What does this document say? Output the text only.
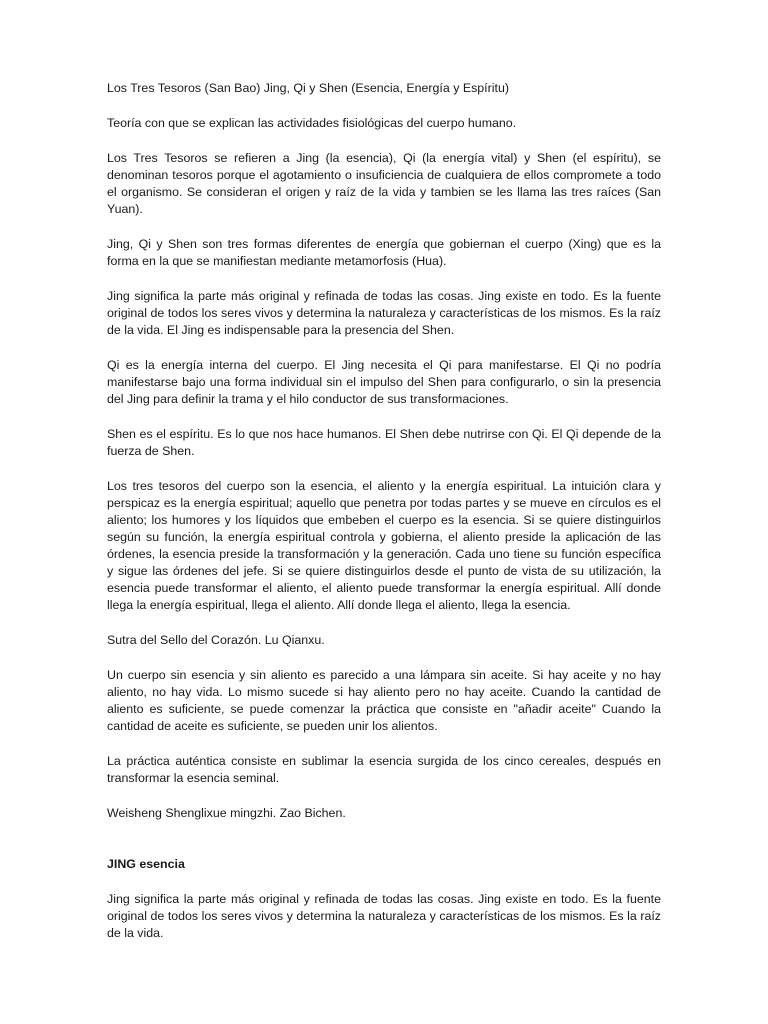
Los Tres Tesoros (San Bao) Jing, Qi y Shen (Esencia, Energía y Espíritu)

Teoría con que se explican las actividades fisiológicas del cuerpo humano.

Los Tres Tesoros se refieren a Jing (la esencia), Qi (la energía vital) y Shen (el espíritu), se denominan tesoros porque el agotamiento o insuficiencia de cualquiera de ellos compromete a todo el organismo. Se consideran el origen y raíz de la vida y tambien se les llama las tres raíces (San Yuan).

Jing, Qi y Shen son tres formas diferentes de energía que gobiernan el cuerpo (Xing) que es la forma en la que se manifiestan mediante metamorfosis (Hua).

Jing significa la parte más original y refinada de todas las cosas. Jing existe en todo. Es la fuente original de todos los seres vivos y determina la naturaleza y características de los mismos. Es la raíz de la vida. El Jing es indispensable para la presencia del Shen.

Qi es la energía interna del cuerpo. El Jing necesita el Qi para manifestarse. El Qi no podría manifestarse bajo una forma individual sin el impulso del Shen para configurarlo, o sin la presencia del Jing para definir la trama y el hilo conductor de sus transformaciones.

Shen es el espíritu. Es lo que nos hace humanos. El Shen debe nutrirse con Qi. El Qi depende de la fuerza de Shen.

Los tres tesoros del cuerpo son la esencia, el aliento y la energía espiritual. La intuición clara y perspicaz es la energía espiritual; aquello que penetra por todas partes y se mueve en círculos es el aliento; los humores y los líquidos que embeben el cuerpo es la esencia. Si se quiere distinguirlos según su función, la energía espiritual controla y gobierna, el aliento preside la aplicación de las órdenes, la esencia preside la transformación y la generación. Cada uno tiene su función específica y sigue las órdenes del jefe. Si se quiere distinguirlos desde el punto de vista de su utilización, la esencia puede transformar el aliento, el aliento puede transformar la energía espiritual. Allí donde llega la energía espiritual, llega el aliento. Allí donde llega el aliento, llega la esencia.

Sutra del Sello del Corazón. Lu Qianxu.

Un cuerpo sin esencia y sin aliento es parecido a una lámpara sin aceite. Si hay aceite y no hay aliento, no hay vida. Lo mismo sucede si hay aliento pero no hay aceite. Cuando la cantidad de aliento es suficiente, se puede comenzar la práctica que consiste en "añadir aceite" Cuando la cantidad de aceite es suficiente, se pueden unir los alientos.

La práctica auténtica consiste en sublimar la esencia surgida de los cinco cereales, después en transformar la esencia seminal.

Weisheng Shenglixue mingzhi. Zao Bichen.

JING esencia

Jing significa la parte más original y refinada de todas las cosas. Jing existe en todo. Es la fuente original de todos los seres vivos y determina la naturaleza y características de los mismos. Es la raíz de la vida.
